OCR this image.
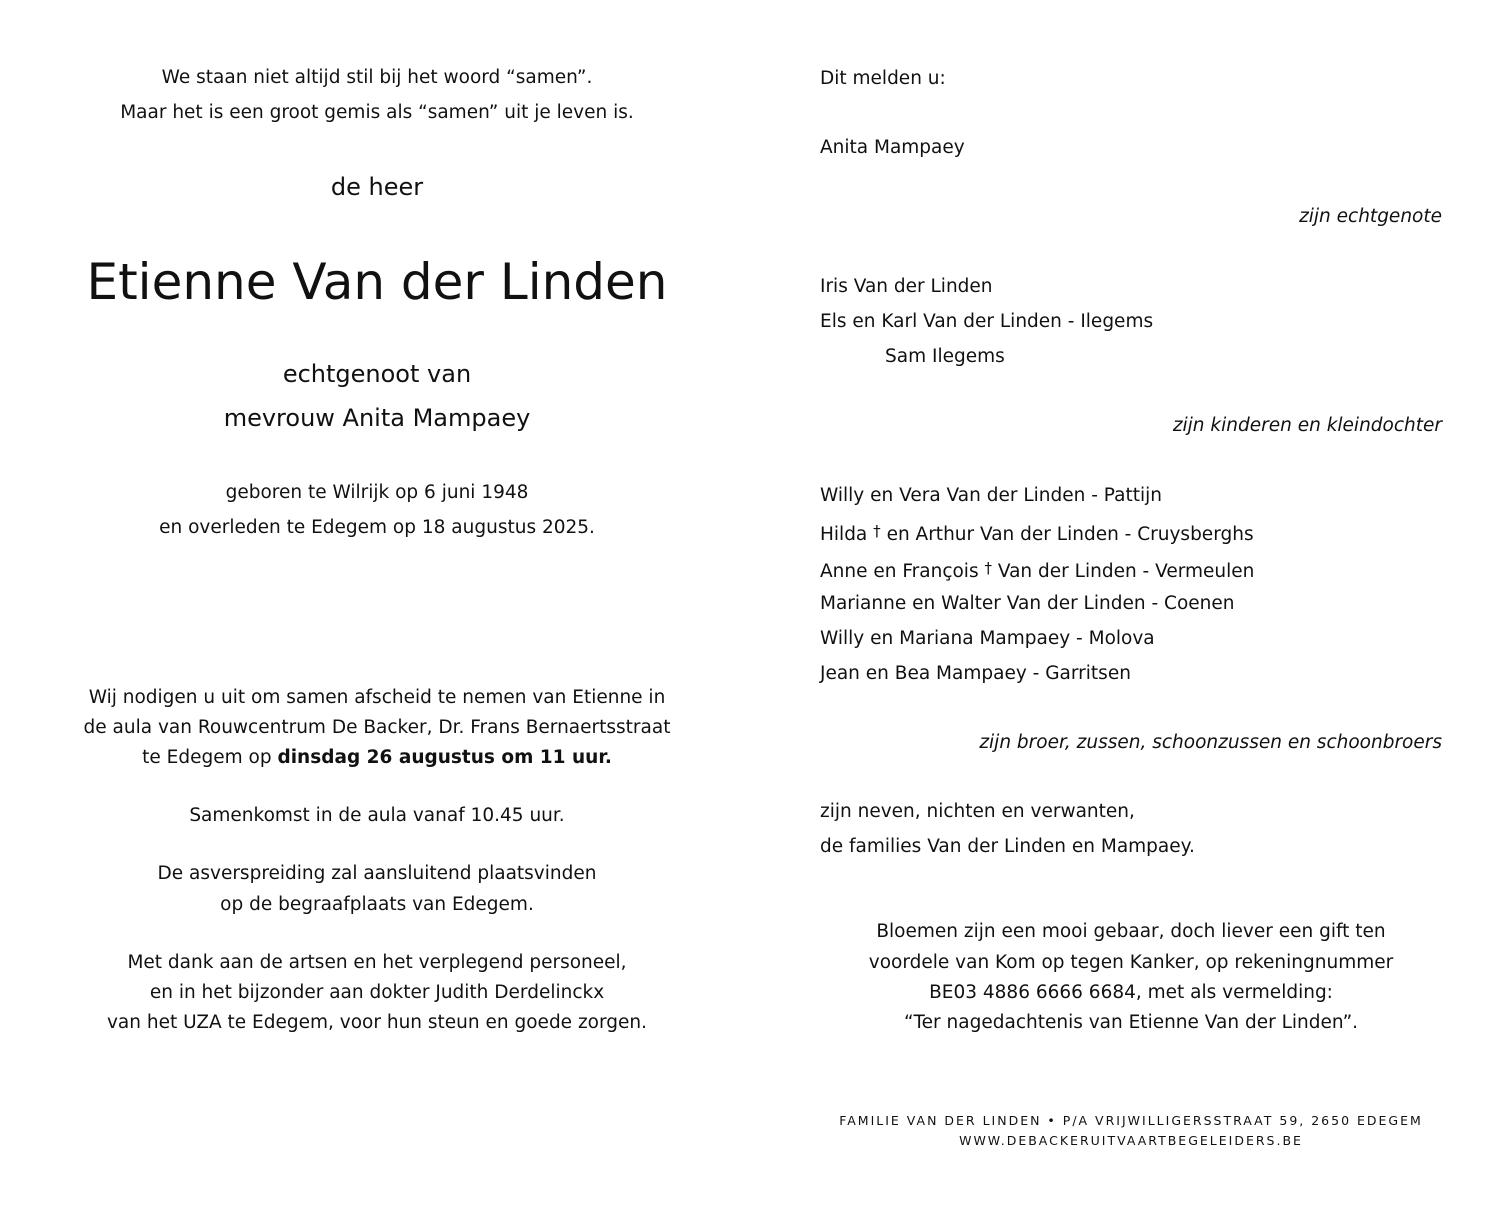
We staan niet altijd stil bij het woord “samen”.
Maar het is een groot gemis als “samen” uit je leven is.
de heer
Etienne Van der Linden
echtgenoot van
mevrouw Anita Mampaey
geboren te Wilrijk op 6 juni 1948
en overleden te Edegem op 18 augustus 2025.
Wij nodigen u uit om samen afscheid te nemen van Etienne in
de aula van Rouwcentrum De Backer, Dr. Frans Bernaertsstraat
te Edegem op dinsdag 26 augustus om 11 uur.
Samenkomst in de aula vanaf 10.45 uur.
De asverspreiding zal aansluitend plaatsvinden
op de begraafplaats van Edegem.
Met dank aan de artsen en het verplegend personeel,
en in het bijzonder aan dokter Judith Derdelinckx
van het UZA te Edegem, voor hun steun en goede zorgen.
Dit melden u:
Anita Mampaey
zijn echtgenote
Iris Van der Linden
Els en Karl Van der Linden - Ilegems
Sam Ilegems
zijn kinderen en kleindochter
Willy en Vera Van der Linden - Pattijn
Hilda † en Arthur Van der Linden - Cruysberghs
Anne en François † Van der Linden - Vermeulen
Marianne en Walter Van der Linden - Coenen
Willy en Mariana Mampaey - Molova
Jean en Bea Mampaey - Garritsen
zijn broer, zussen, schoonzussen en schoonbroers
zijn neven, nichten en verwanten,
de families Van der Linden en Mampaey.
Bloemen zijn een mooi gebaar, doch liever een gift ten
voordele van Kom op tegen Kanker, op rekeningnummer
BE03 4886 6666 6684, met als vermelding:
“Ter nagedachtenis van Etienne Van der Linden”.
FAMILIE VAN DER LINDEN • P/A VRIJWILLIGERSSTRAAT 59, 2650 EDEGEM
WWW.DEBACKERUITVAARTBEGELEIDERS.BE
